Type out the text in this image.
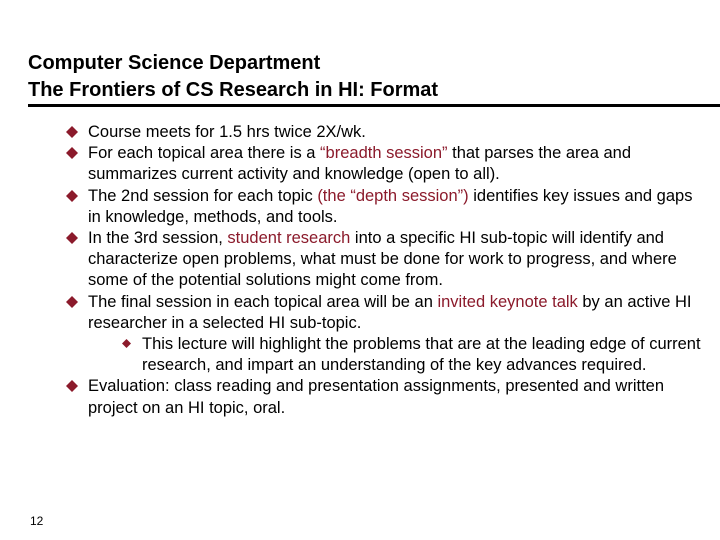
Computer Science Department
The Frontiers of CS Research in HI: Format
Course meets for 1.5 hrs twice 2X/wk.
For each topical area there is a “breadth session” that parses the area and summarizes current activity and knowledge (open to all).
The 2nd session for each topic (the “depth session”) identifies key issues and gaps in knowledge, methods, and tools.
In the 3rd session, student research into a specific HI sub-topic will identify and characterize open problems, what must be done for work to progress, and where some of the potential solutions might come from.
The final session in each topical area will be an invited keynote talk by an active HI researcher in a selected HI sub-topic.
This lecture will highlight the problems that are at the leading edge of current research, and impart an understanding of the key advances required.
Evaluation: class reading and presentation assignments, presented and written project on an HI topic, oral.
12
